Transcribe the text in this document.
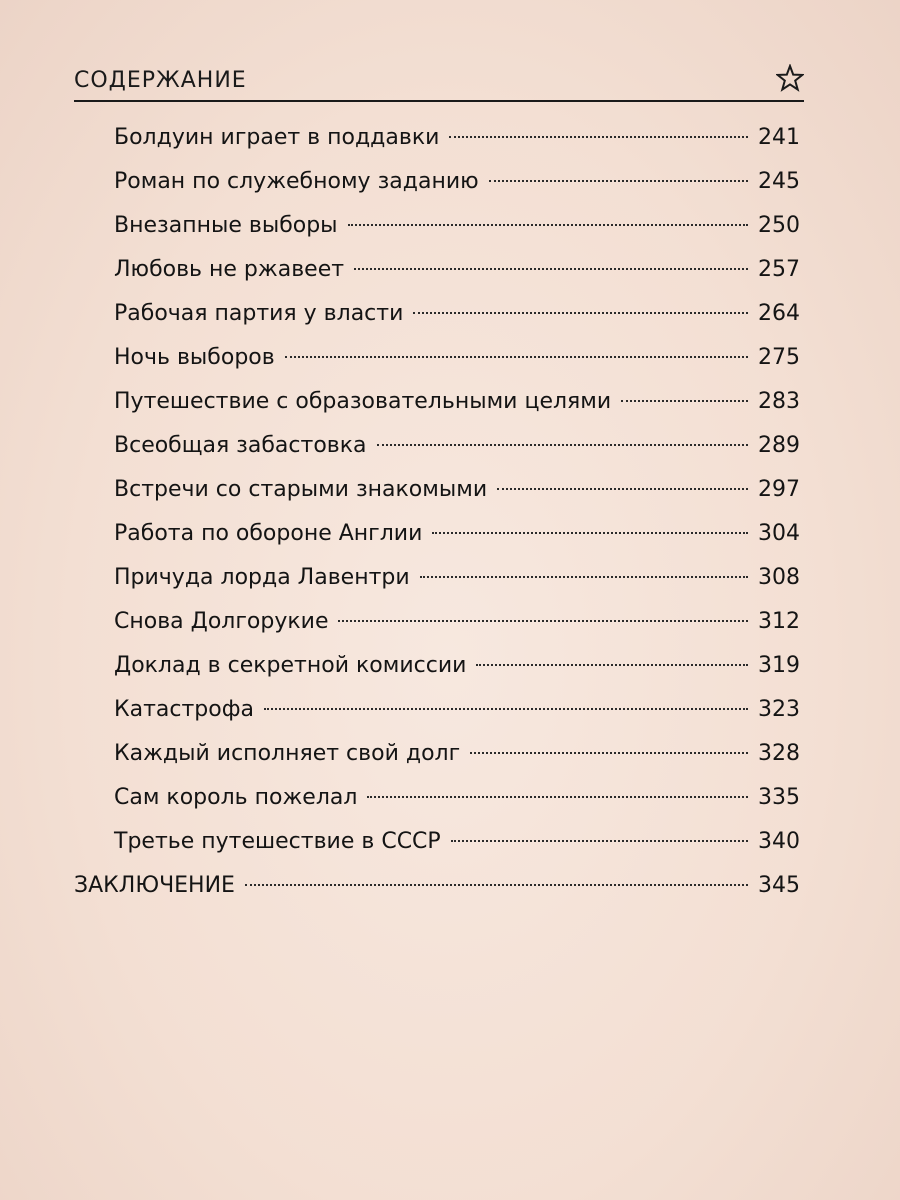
СОДЕРЖАНИЕ
Болдуин играет в поддавки	241
Роман по служебному заданию	245
Внезапные выборы	250
Любовь не ржавеет	257
Рабочая партия у власти	264
Ночь выборов	275
Путешествие с образовательными целями	283
Всеобщая забастовка	289
Встречи со старыми знакомыми	297
Работа по обороне Англии	304
Причуда лорда Лавентри	308
Снова Долгорукие	312
Доклад в секретной комиссии	319
Катастрофа	323
Каждый исполняет свой долг	328
Сам король пожелал	335
Третье путешествие в СССР	340
ЗАКЛЮЧЕНИЕ	345
